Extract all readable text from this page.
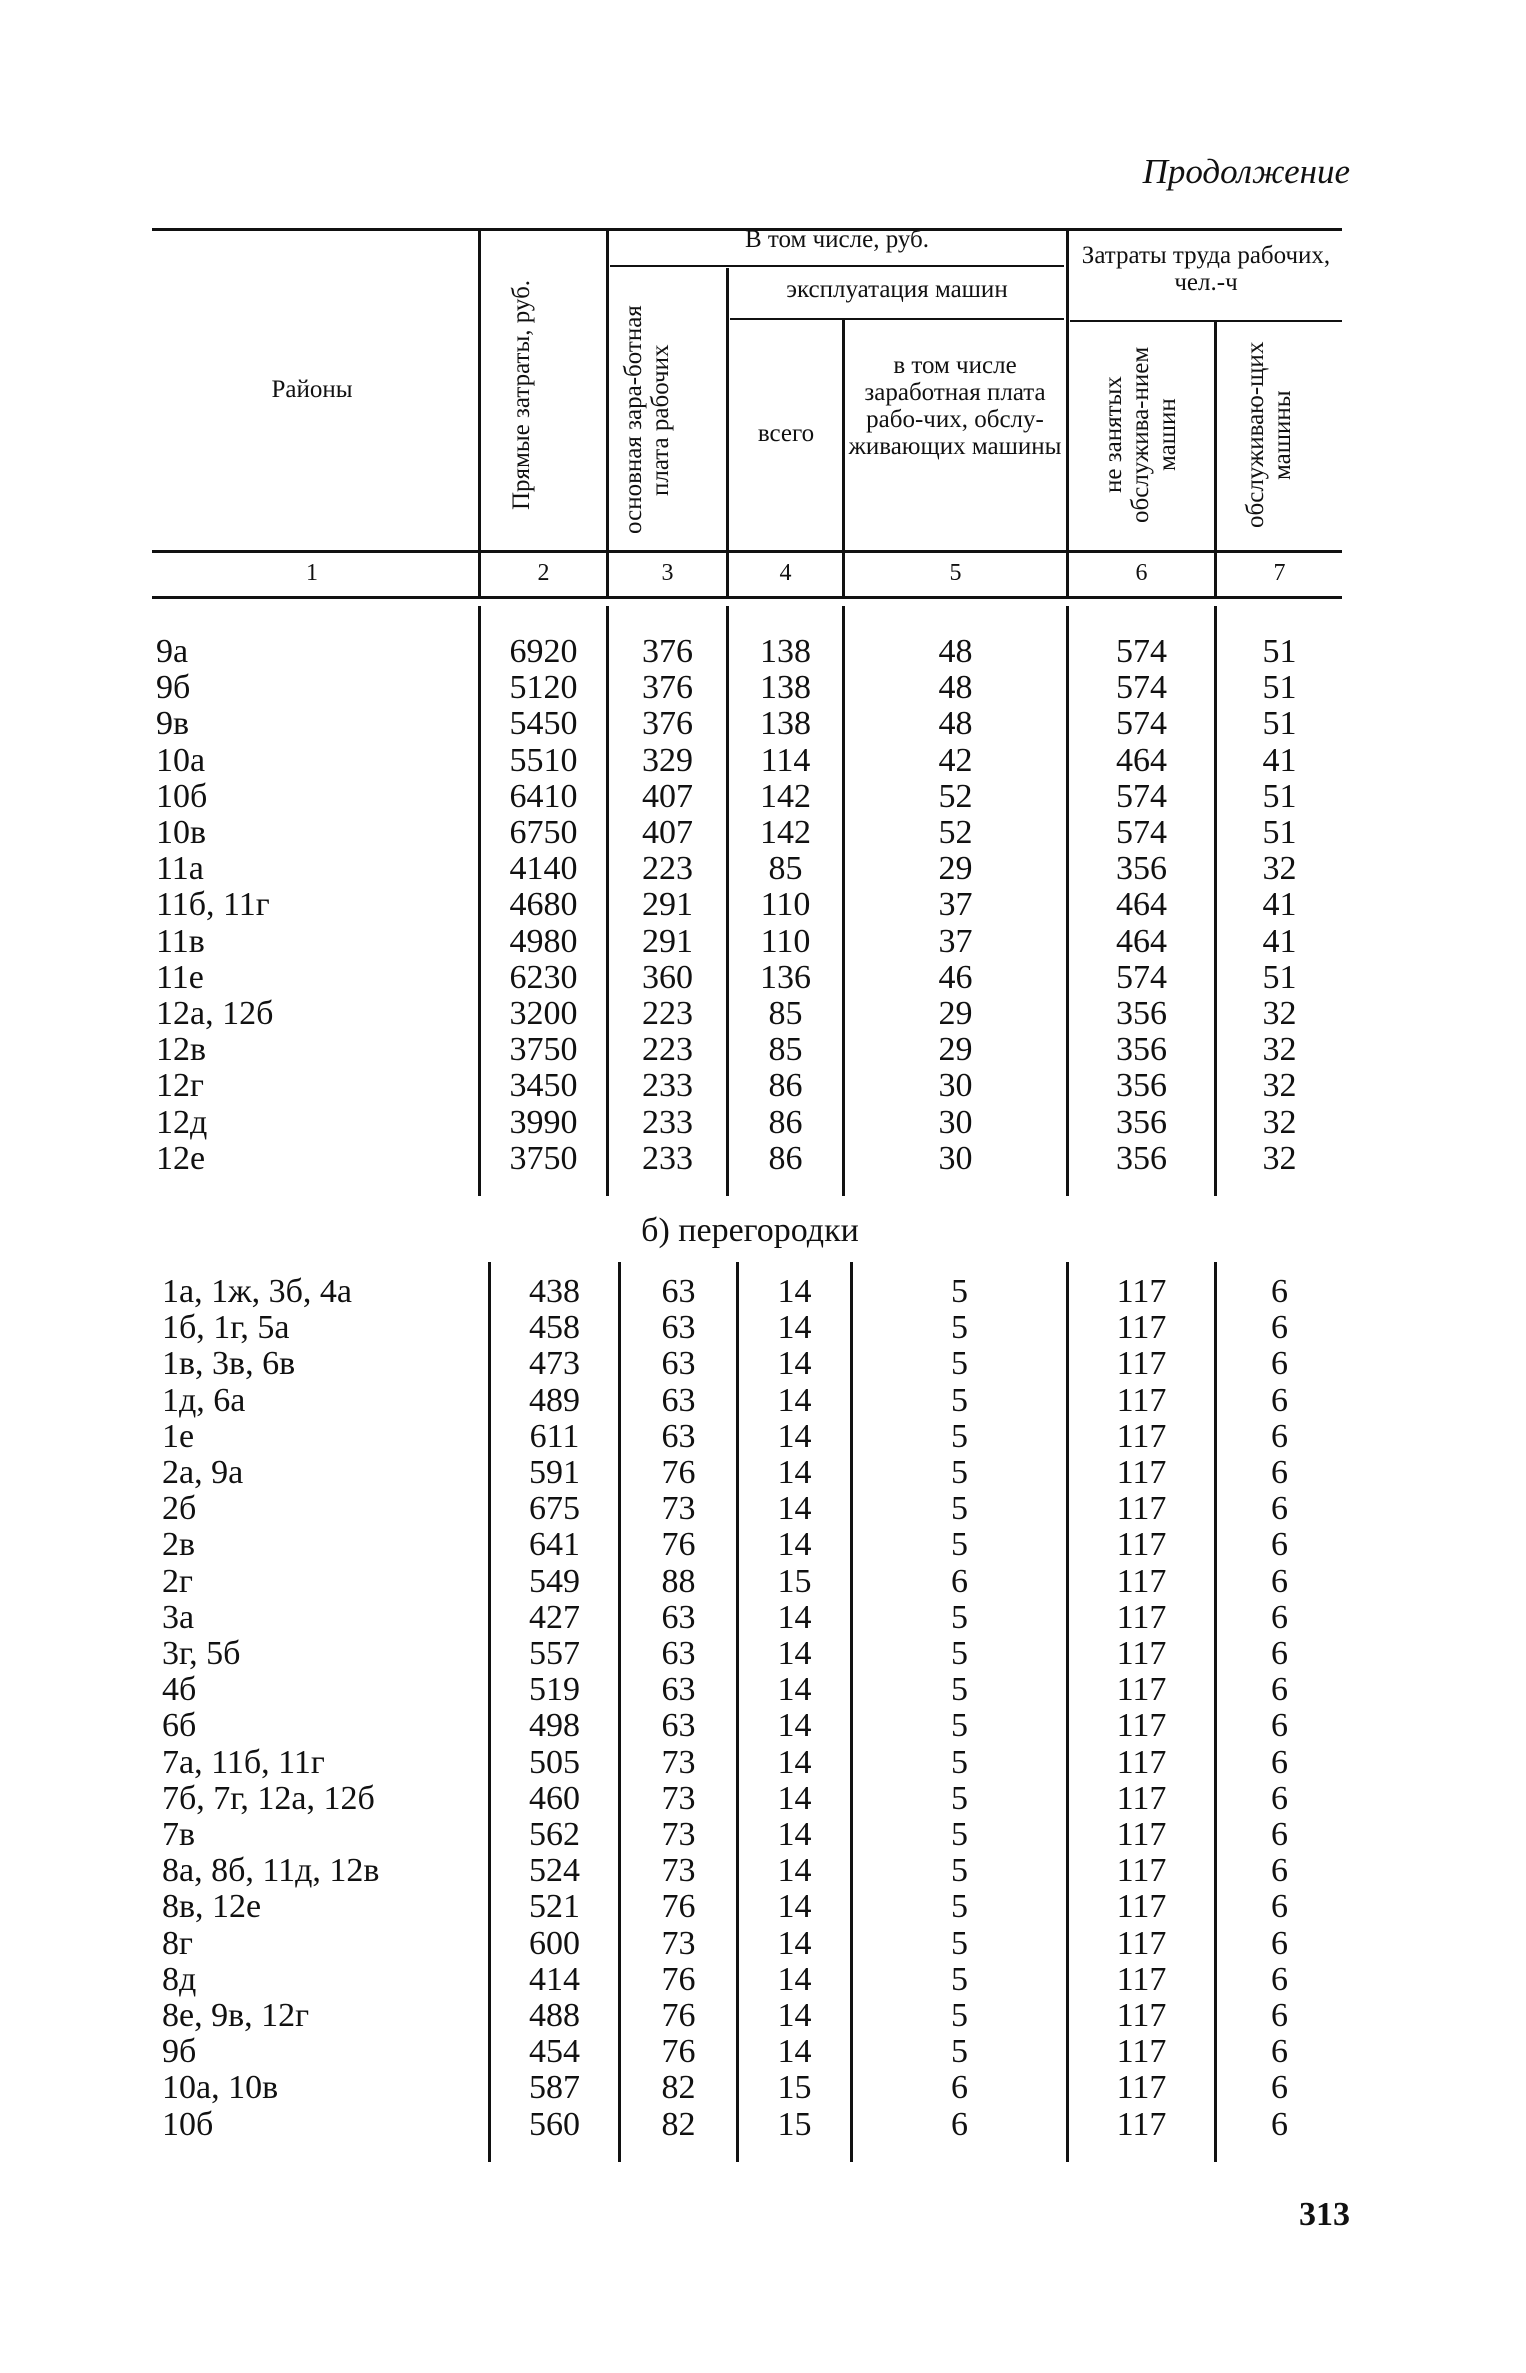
Продолжение
Районы	Прямые затраты, руб.
В том числе, руб.
основная зара-ботная плата рабочих
эксплуатация машин
всего
в том числе заработная плата рабо-чих, обслу-живающих машины
Затраты труда рабочих, чел.-ч
не занятых обслужива-нием машин	обслуживаю-щих машины
1	2	3	4	5	6	7
9а	6920	376	138	48	574	51
9б	5120	376	138	48	574	51
9в	5450	376	138	48	574	51
10а	5510	329	114	42	464	41
10б	6410	407	142	52	574	51
10в	6750	407	142	52	574	51
11а	4140	223	85	29	356	32
11б, 11г	4680	291	110	37	464	41
11в	4980	291	110	37	464	41
11е	6230	360	136	46	574	51
12а, 12б	3200	223	85	29	356	32
12в	3750	223	85	29	356	32
12г	3450	233	86	30	356	32
12д	3990	233	86	30	356	32
12е	3750	233	86	30	356	32
б) перегородки
1а, 1ж, 3б, 4а	438	63	14	5	117	6
1б, 1г, 5а	458	63	14	5	117	6
1в, 3в, 6в	473	63	14	5	117	6
1д, 6а	489	63	14	5	117	6
1е	611	63	14	5	117	6
2а, 9а	591	76	14	5	117	6
2б	675	73	14	5	117	6
2в	641	76	14	5	117	6
2г	549	88	15	6	117	6
3а	427	63	14	5	117	6
3г, 5б	557	63	14	5	117	6
4б	519	63	14	5	117	6
6б	498	63	14	5	117	6
7а, 11б, 11г	505	73	14	5	117	6
7б, 7г, 12а, 12б	460	73	14	5	117	6
7в	562	73	14	5	117	6
8а, 8б, 11д, 12в	524	73	14	5	117	6
8в, 12е	521	76	14	5	117	6
8г	600	73	14	5	117	6
8д	414	76	14	5	117	6
8е, 9в, 12г	488	76	14	5	117	6
9б	454	76	14	5	117	6
10а, 10в	587	82	15	6	117	6
10б	560	82	15	6	117	6
313
